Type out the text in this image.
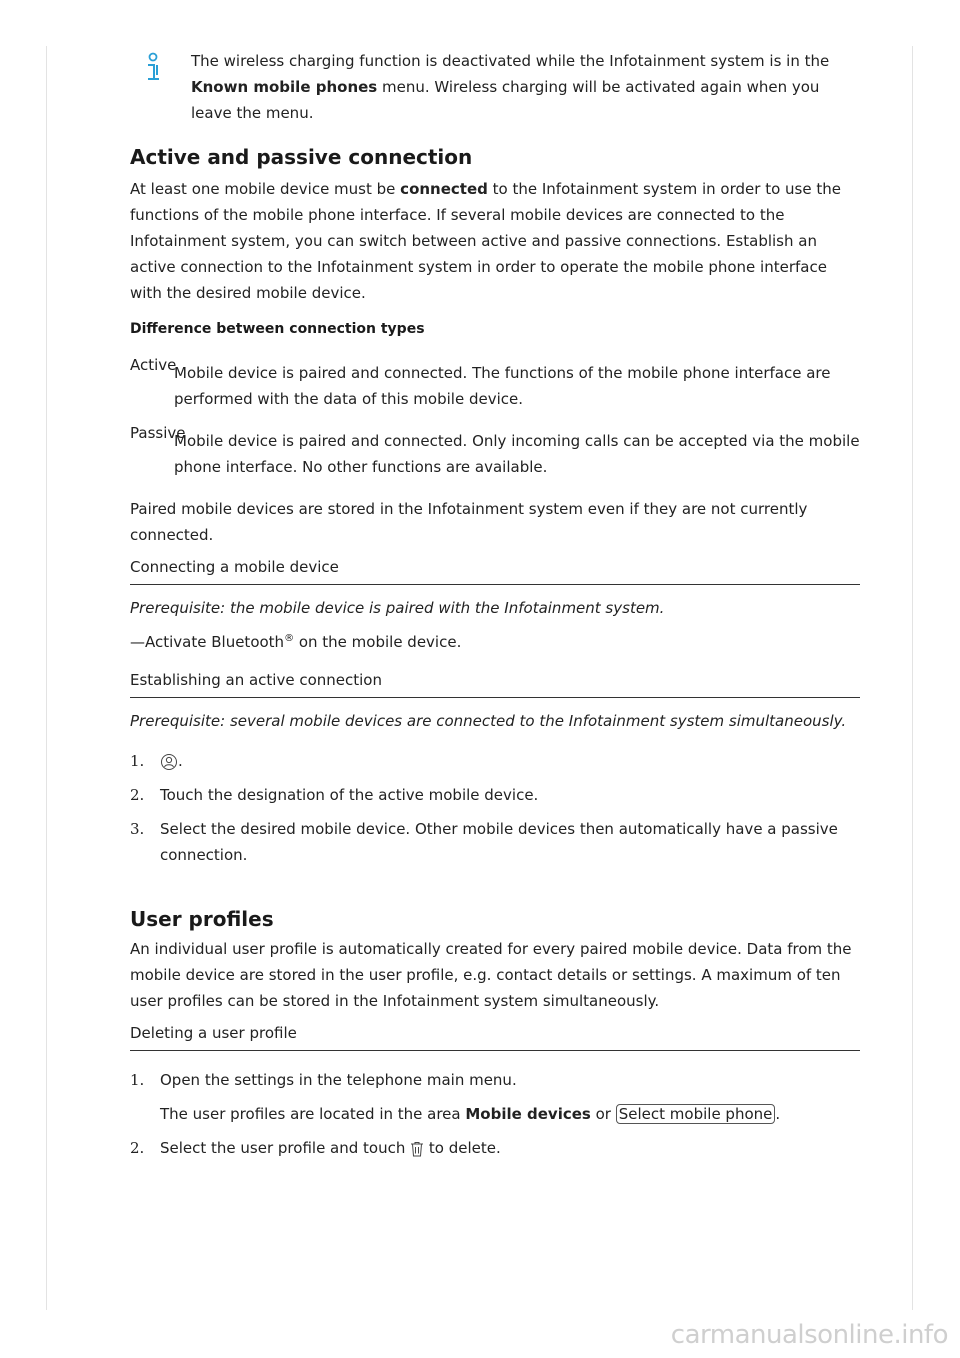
The wireless charging function is deactivated while the Infotainment system is in the Known mobile phones menu. Wireless charging will be activated again when you leave the menu.

Active and passive connection

At least one mobile device must be connected to the Infotainment system in order to use the functions of the mobile phone interface. If several mobile devices are connected to the Infotainment system, you can switch between active and passive connections. Establish an active connection to the Infotainment system in order to operate the mobile phone interface with the desired mobile device.

Difference between connection types
Active

Mobile device is paired and connected. The functions of the mobile phone interface are performed with the data of this mobile device.

Passive

Mobile device is paired and connected. Only incoming calls can be accepted via the mobile phone interface. No other functions are available.

Paired mobile devices are stored in the Infotainment system even if they are not currently connected.

Connecting a mobile device

Prerequisite: the mobile device is paired with the Infotainment system.

—Activate Bluetooth® on the mobile device.

Establishing an active connection

Prerequisite: several mobile devices are connected to the Infotainment system simultaneously.

1.	.

2. Touch the designation of the active mobile device.

3. Select the desired mobile device. Other mobile devices then automatically have a passive connection.

User profiles

An individual user profile is automatically created for every paired mobile device. Data from the mobile device are stored in the user profile, e.g. contact details or settings. A maximum of ten user profiles can be stored in the Infotainment system simultaneously.

Deleting a user profile
1. Open the settings in the telephone main menu.

The user profiles are located in the area Mobile devices or Select mobile phone .

2. Select the user profile and touch  to delete.

carmanualsonline.info
